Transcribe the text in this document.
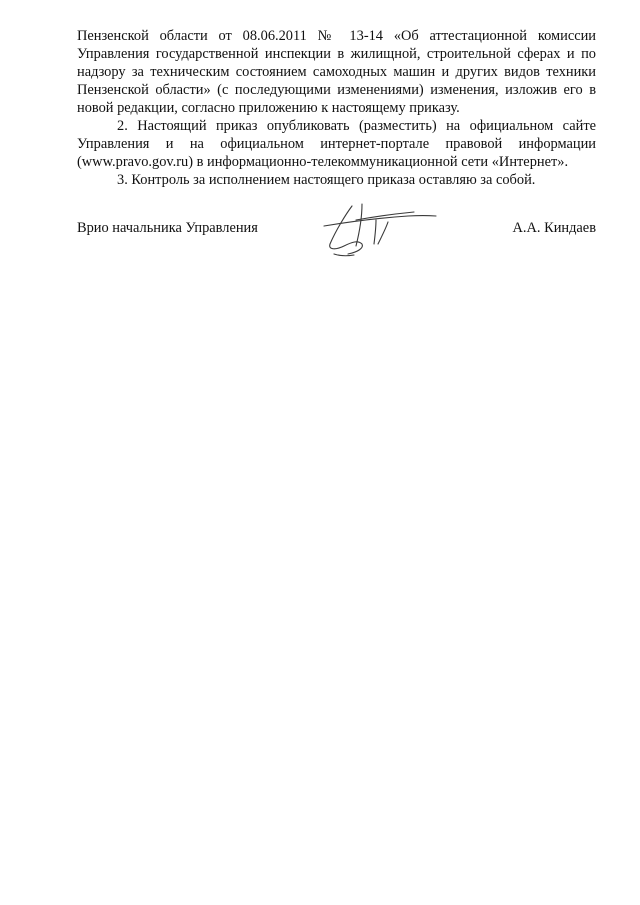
Пензенской области от 08.06.2011 № 13-14 «Об аттестационной комиссии Управления государственной инспекции в жилищной, строительной сферах и по надзору за техническим состоянием самоходных машин и других видов техники Пензенской области» (с последующими изменениями) изменения, изложив его в новой редакции, согласно приложению к настоящему приказу.

2. Настоящий приказ опубликовать (разместить) на официальном сайте Управления и на официальном интернет-портале правовой информации (www.pravo.gov.ru) в информационно-телекоммуникационной сети «Интернет».

3. Контроль за исполнением настоящего приказа оставляю за собой.

Врио начальника Управления	А.А. Киндаев
